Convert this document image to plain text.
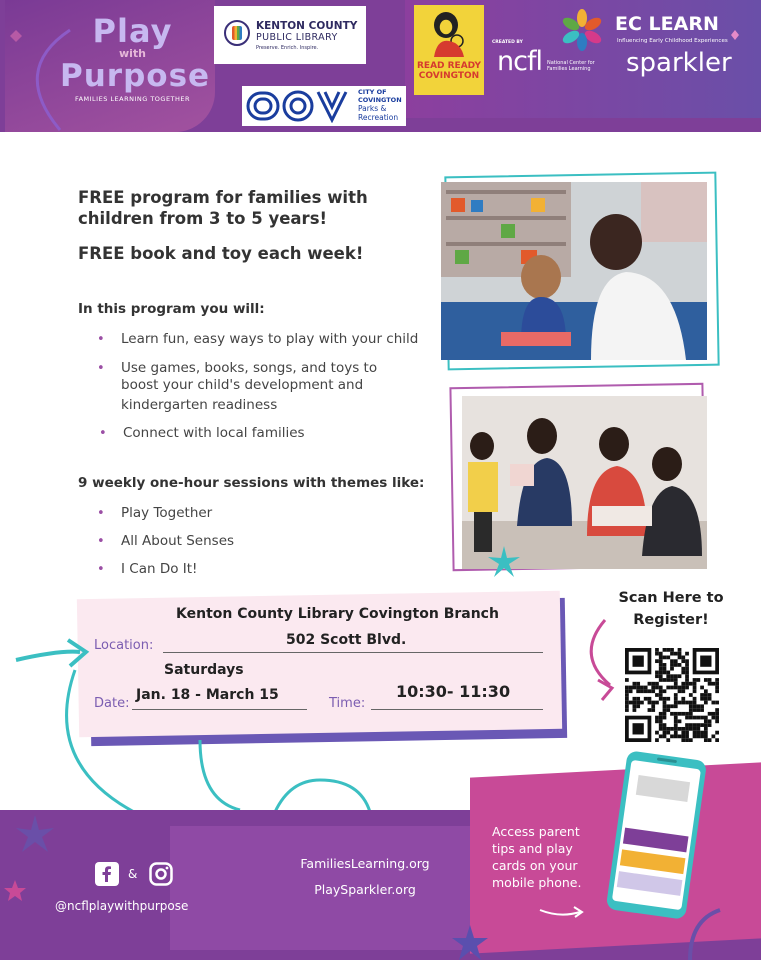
Play
with
Purpose
FAMILIES LEARNING TOGETHER
KENTON COUNTY
PUBLIC LIBRARY
Preserve. Enrich. Inspire.
CITY OF
COVINGTON
Parks &
Recreation
READ READY
COVINGTON
CREATED BY
ncfl National Center for
Families Learning
EC LEARN
Influencing Early Childhood Experiences
sparkler
FREE program for families with
children from 3 to 5 years!
FREE book and toy each week!
In this program you will:
• Learn fun, easy ways to play with your child
• Use games, books, songs, and toys to
boost your child's development and
kindergarten readiness
• Connect with local families
9 weekly one-hour sessions with themes like:
• Play Together
• All About Senses
• I Can Do It!
Kenton County Library Covington Branch
Location:	502 Scott Blvd.
Saturdays
Date:
Jan. 18 - March 15
Time:
10:30- 11:30
Scan Here to
Register!
Access parent
tips and play
cards on your
mobile phone.
FamiliesLearning.org
PlaySparkler.org
&
@ncflplaywithpurpose
